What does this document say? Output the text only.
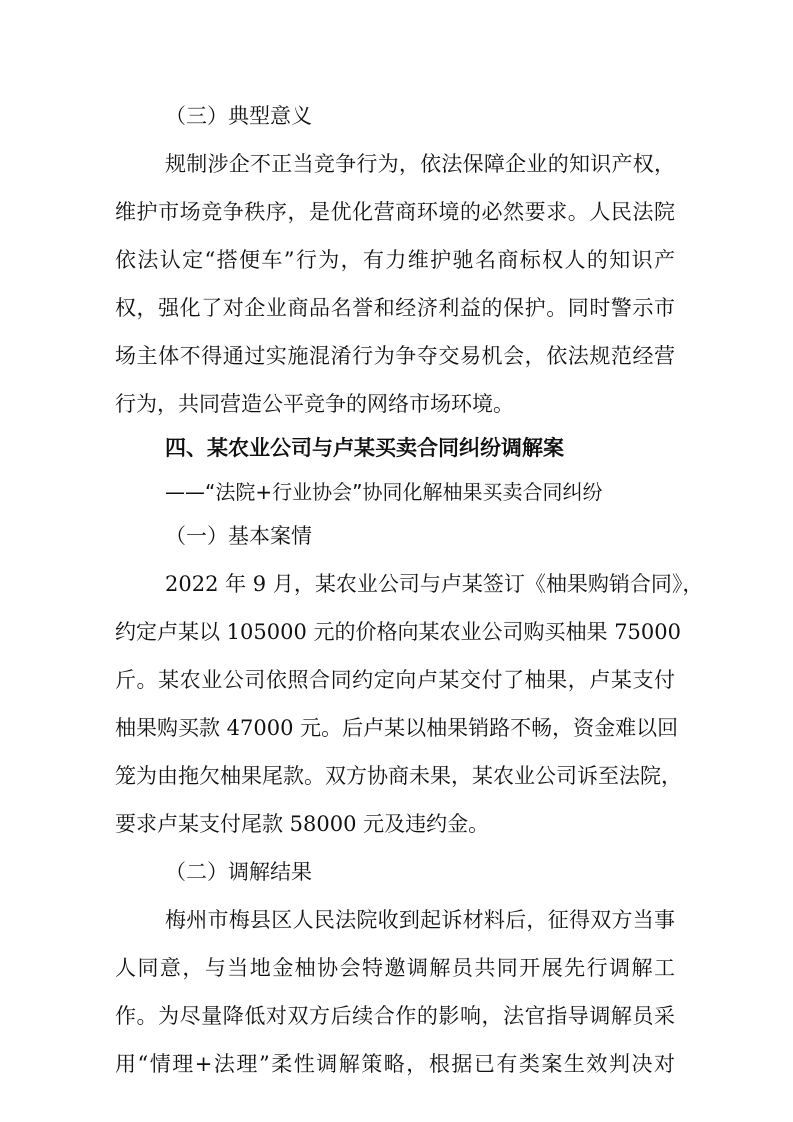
（三）典型意义
规制涉企不正当竞争行为，依法保障企业的知识产权，
维护市场竞争秩序，是优化营商环境的必然要求。人民法院
依法认定“搭便车”行为，有力维护驰名商标权人的知识产
权，强化了对企业商品名誉和经济利益的保护。同时警示市
场主体不得通过实施混淆行为争夺交易机会，依法规范经营
行为，共同营造公平竞争的网络市场环境。
四、某农业公司与卢某买卖合同纠纷调解案
——“法院+行业协会”协同化解柚果买卖合同纠纷
（一）基本案情
2022 年 9 月，某农业公司与卢某签订《柚果购销合同》，
约定卢某以 105000 元的价格向某农业公司购买柚果 75000
斤。某农业公司依照合同约定向卢某交付了柚果，卢某支付
柚果购买款 47000 元。后卢某以柚果销路不畅，资金难以回
笼为由拖欠柚果尾款。双方协商未果，某农业公司诉至法院，
要求卢某支付尾款 58000 元及违约金。
（二）调解结果
梅州市梅县区人民法院收到起诉材料后，征得双方当事
人同意，与当地金柚协会特邀调解员共同开展先行调解工
作。为尽量降低对双方后续合作的影响，法官指导调解员采
用“情理+法理”柔性调解策略，根据已有类案生效判决对
